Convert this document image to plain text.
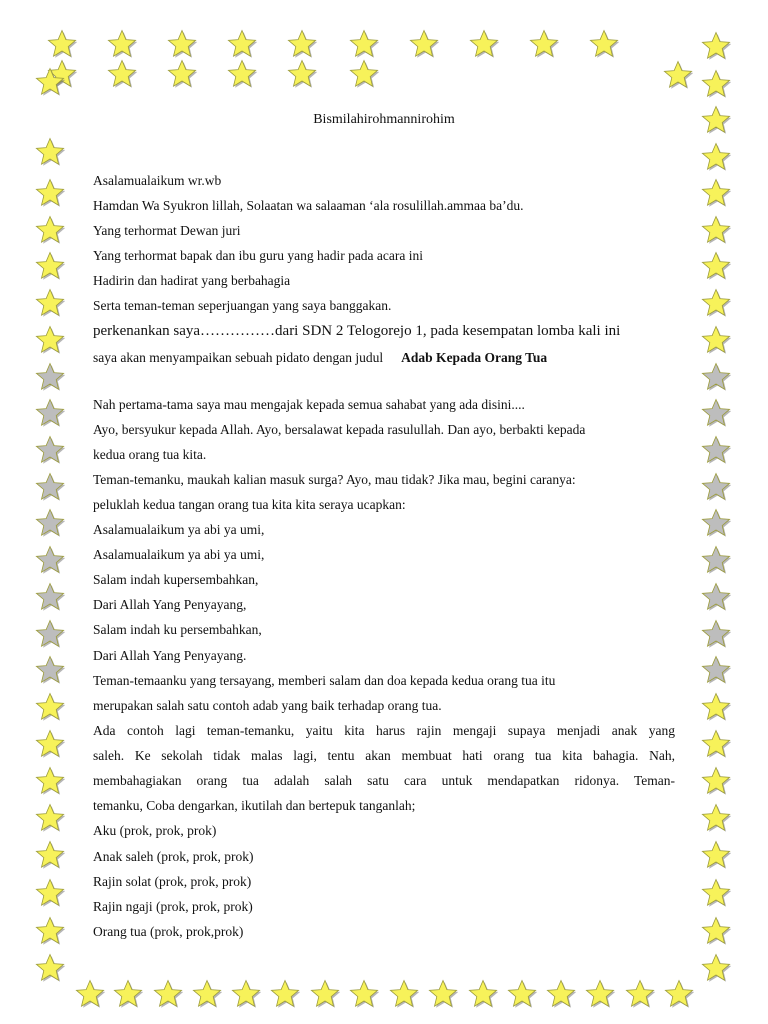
Bismilahirohmannirohim
Asalamualaikum wr.wb
Hamdan Wa Syukron lillah, Solaatan wa salaaman ‘ala rosulillah.ammaa ba’du.
Yang terhormat Dewan juri
Yang terhormat bapak dan ibu guru yang hadir pada acara ini
Hadirin dan hadirat yang berbahagia
Serta teman-teman seperjuangan yang saya banggakan.
perkenankan saya……………dari SDN 2 Telogorejo 1, pada kesempatan lomba kali ini
saya akan menyampaikan sebuah pidato dengan judul Adab Kepada Orang Tua
Nah pertama-tama saya mau mengajak kepada semua sahabat yang ada disini....
Ayo, bersyukur kepada Allah. Ayo, bersalawat kepada rasulullah. Dan ayo, berbakti kepada
kedua orang tua kita.
Teman-temanku, maukah kalian masuk surga? Ayo, mau tidak? Jika mau, begini caranya:
peluklah kedua tangan orang tua kita kita seraya ucapkan:
Asalamualaikum ya abi ya umi,
Asalamualaikum ya abi ya umi,
Salam indah kupersembahkan,
Dari Allah Yang Penyayang,
Salam indah ku persembahkan,
Dari Allah Yang Penyayang.
Teman-temaanku yang tersayang, memberi salam dan doa kepada kedua orang tua itu
merupakan salah satu contoh adab yang baik terhadap orang tua.
Ada contoh lagi teman-temanku, yaitu kita harus rajin mengaji supaya menjadi anak yang
saleh. Ke sekolah tidak malas lagi, tentu akan membuat hati orang tua kita bahagia. Nah,
membahagiakan orang tua adalah salah satu cara untuk mendapatkan ridonya. Teman-
temanku, Coba dengarkan, ikutilah dan bertepuk tanganlah;
Aku (prok, prok, prok)
Anak saleh (prok, prok, prok)
Rajin solat (prok, prok, prok)
Rajin ngaji (prok, prok, prok)
Orang tua (prok, prok,prok)
